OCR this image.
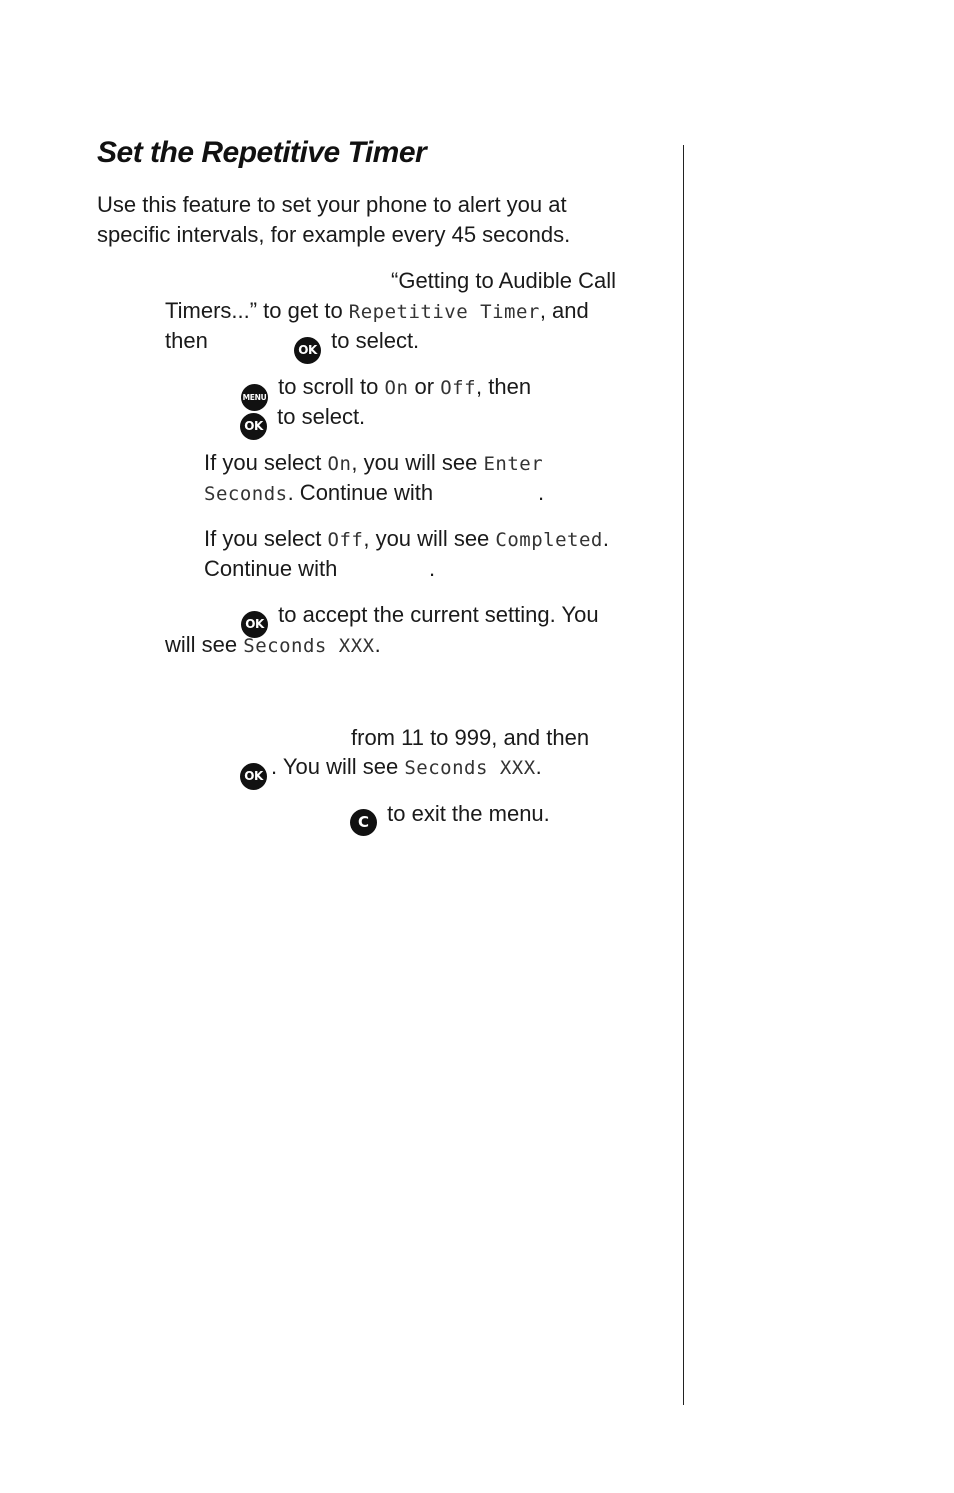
Set the Repetitive Timer
Use this feature to set your phone to alert you at
specific intervals, for example every 45 seconds.
“Getting to Audible Call
Timers...” to get to Repetitive Timer, and
then	OK to select.
MENU to scroll to On or Off, then
OK to select.
If you select On, you will see Enter
Seconds. Continue with	.
If you select Off, you will see Completed.
Continue with	.
OK to accept the current setting. You
will see Seconds XXX.
from 11 to 999, and then
OK . You will see Seconds XXX.
C to exit the menu.
